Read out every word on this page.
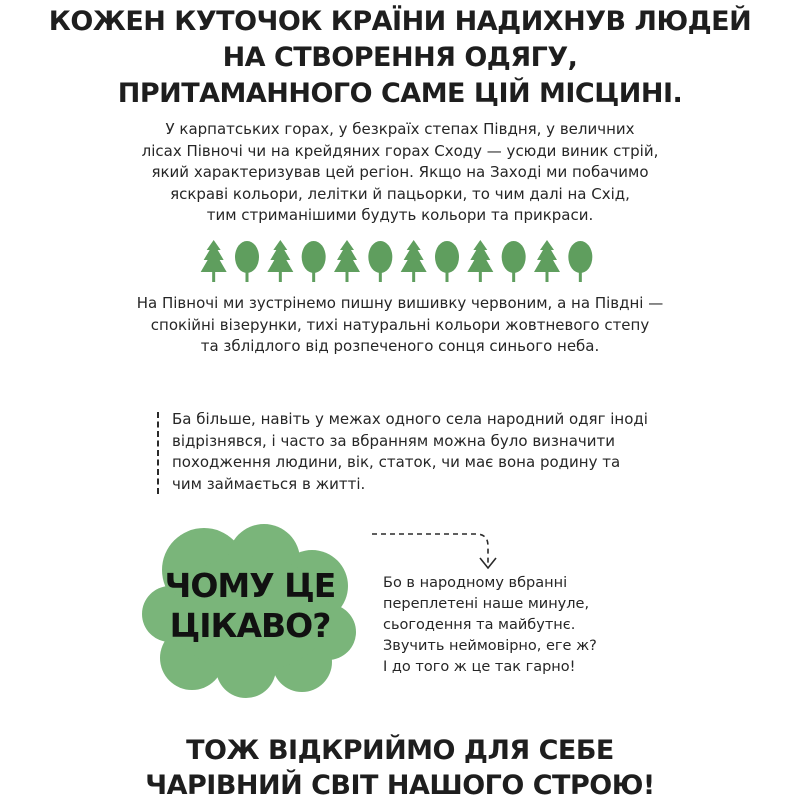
КОЖЕН КУТОЧОК КРАЇНИ НАДИХНУВ ЛЮДЕЙ
НА СТВОРЕННЯ ОДЯГУ,
ПРИТАМАННОГО САМЕ ЦІЙ МІСЦИНІ.
У карпатських горах, у безкраїх степах Півдня, у величних
лісах Півночі чи на крейдяних горах Сходу — усюди виник стрій,
який характеризував цей регіон. Якщо на Заході ми побачимо
яскраві кольори, лелітки й пацьорки, то чим далі на Схід,
тим стриманішими будуть кольори та прикраси.
На Півночі ми зустрінемо пишну вишивку червоним, а на Півдні —
спокійні візерунки, тихі натуральні кольори жовтневого степу
та зблідлого від розпеченого сонця синього неба.
Ба більше, навіть у межах одного села народний одяг іноді
відрізнявся, і часто за вбранням можна було визначити
походження людини, вік, статок, чи має вона родину та
чим займається в житті.
ЧОМУ ЦЕ
ЦІКАВО?
Бо в народному вбранні
переплетені наше минуле,
сьогодення та майбутнє.
Звучить неймовірно, еге ж?
І до того ж це так гарно!
ТОЖ ВІДКРИЙМО ДЛЯ СЕБЕ
ЧАРІВНИЙ СВІТ НАШОГО СТРОЮ!
